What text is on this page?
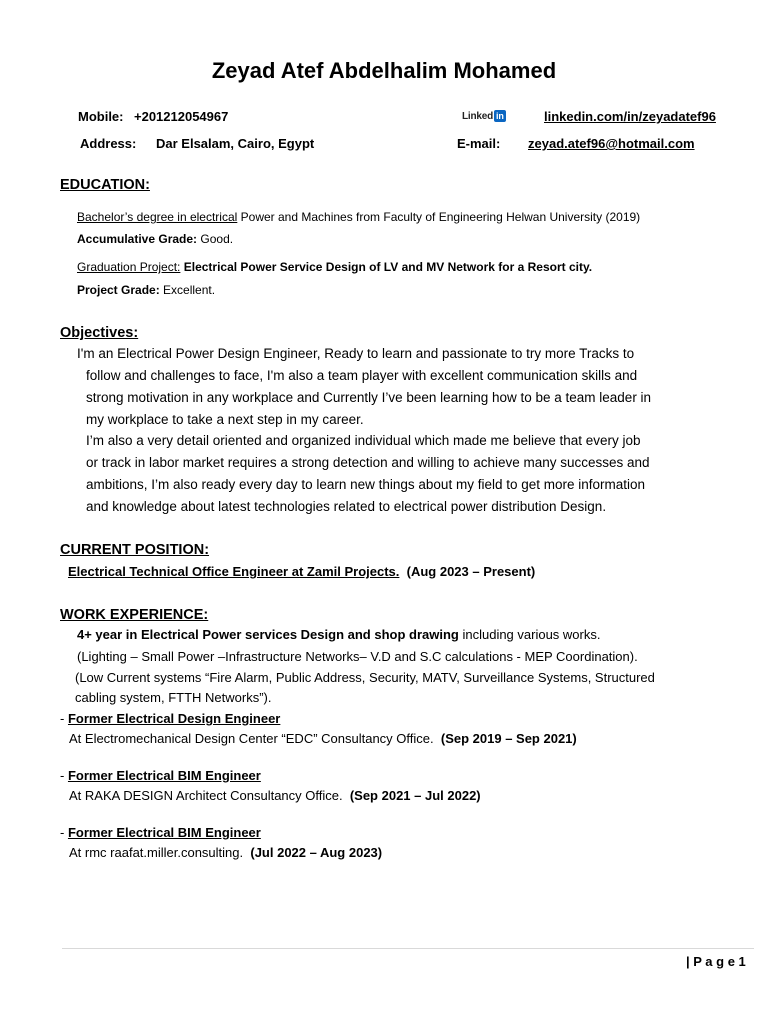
Zeyad Atef Abdelhalim Mohamed
Mobile: +201212054967
Address: Dar Elsalam, Cairo, Egypt
Linked in	linkedin.com/in/zeyadatef96
E-mail: zeyad.atef96@hotmail.com
EDUCATION:
Bachelor’s degree in electrical Power and Machines from Faculty of Engineering Helwan University (2019)
Accumulative Grade: Good.
Graduation Project: Electrical Power Service Design of LV and MV Network for a Resort city.
Project Grade: Excellent.
Objectives:
I'm an Electrical Power Design Engineer, Ready to learn and passionate to try more Tracks to
follow and challenges to face, I'm also a team player with excellent communication skills and
strong motivation in any workplace and Currently I’ve been learning how to be a team leader in
my workplace to take a next step in my career.
I’m also a very detail oriented and organized individual which made me believe that every job
or track in labor market requires a strong detection and willing to achieve many successes and
ambitions, I’m also ready every day to learn new things about my field to get more information
and knowledge about latest technologies related to electrical power distribution Design.
CURRENT POSITION:
Electrical Technical Office Engineer at Zamil Projects. (Aug 2023 – Present)
WORK EXPERIENCE:
4+ year in Electrical Power services Design and shop drawing including various works.
(Lighting – Small Power –Infrastructure Networks– V.D and S.C calculations - MEP Coordination).
(Low Current systems “Fire Alarm, Public Address, Security, MATV, Surveillance Systems, Structured
cabling system, FTTH Networks”).
- Former Electrical Design Engineer
At Electromechanical Design Center “EDC” Consultancy Office. (Sep 2019 – Sep 2021)
- Former Electrical BIM Engineer
At RAKA DESIGN Architect Consultancy Office. (Sep 2021 – Jul 2022)
- Former Electrical BIM Engineer
At rmc raafat.miller.consulting. (Jul 2022 – Aug 2023)
| P a g e 1
